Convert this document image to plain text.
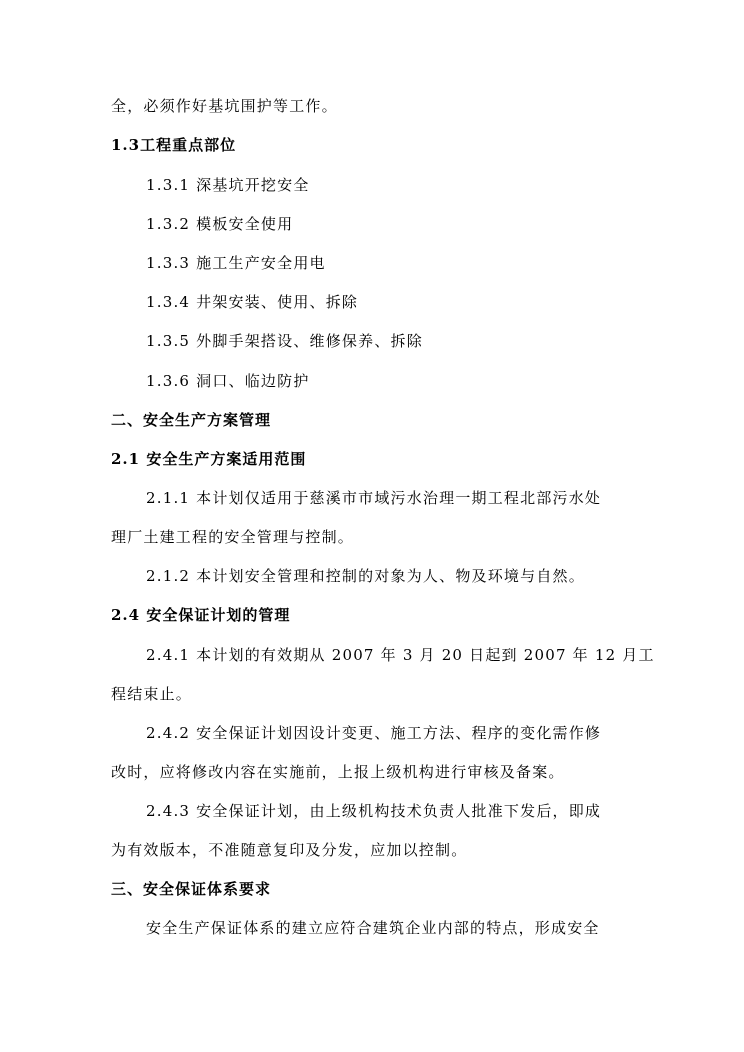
全，必须作好基坑围护等工作。
1.3工程重点部位
1.3.1 深基坑开挖安全
1.3.2 模板安全使用
1.3.3 施工生产安全用电
1.3.4 井架安装、使用、拆除
1.3.5 外脚手架搭设、维修保养、拆除
1.3.6 洞口、临边防护
二、安全生产方案管理
2.1 安全生产方案适用范围
2.1.1 本计划仅适用于慈溪市市域污水治理一期工程北部污水处
理厂土建工程的安全管理与控制。
2.1.2 本计划安全管理和控制的对象为人、物及环境与自然。
2.4 安全保证计划的管理
2.4.1 本计划的有效期从 2007 年 3 月 20 日起到 2007 年 12 月工
程结束止。
2.4.2 安全保证计划因设计变更、施工方法、程序的变化需作修
改时，应将修改内容在实施前，上报上级机构进行审核及备案。
2.4.3 安全保证计划，由上级机构技术负责人批准下发后，即成
为有效版本，不准随意复印及分发，应加以控制。
三、安全保证体系要求
安全生产保证体系的建立应符合建筑企业内部的特点，形成安全
